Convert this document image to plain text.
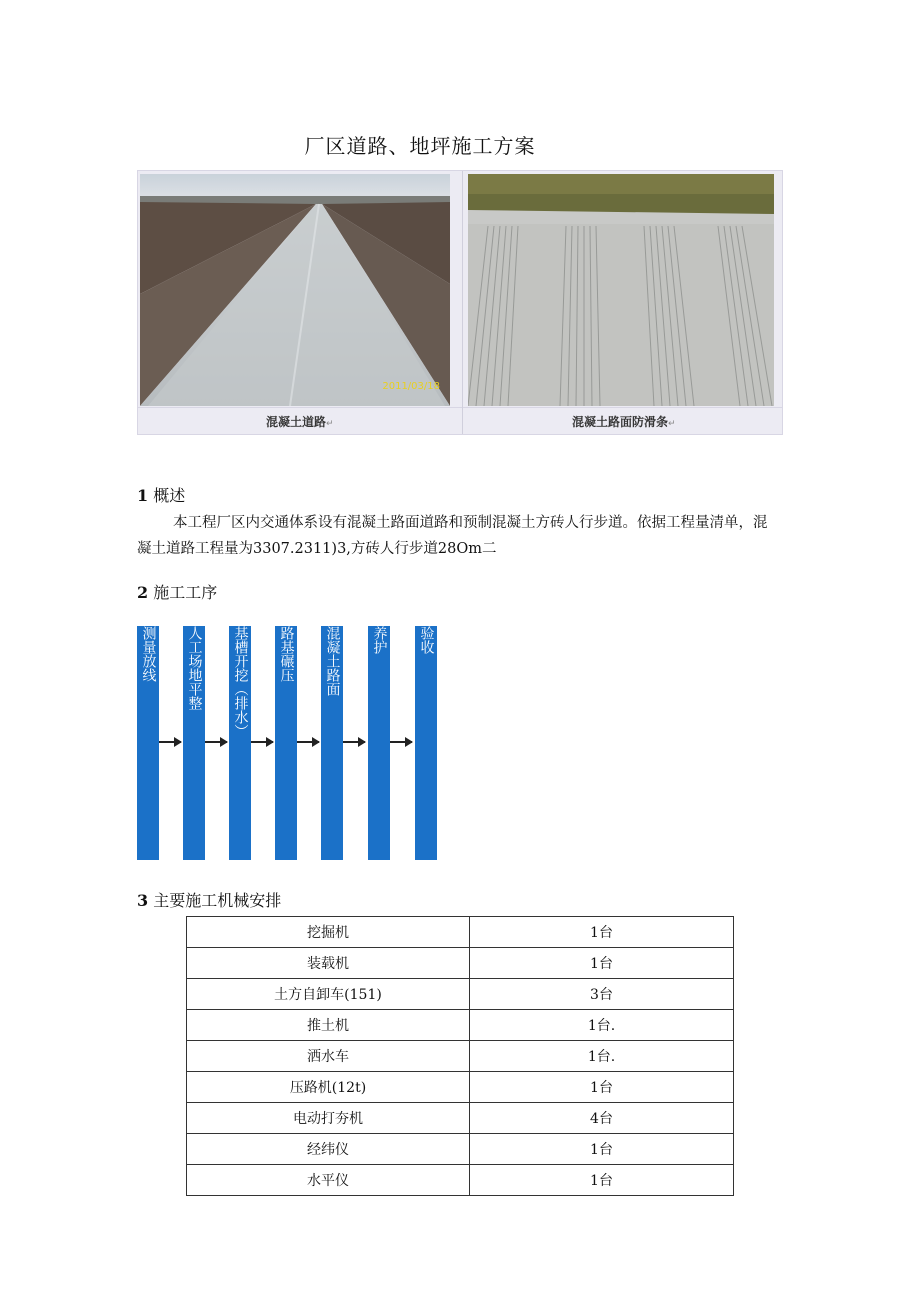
厂区道路、地坪施工方案
2011/03/18
混凝土道路↵	混凝土路面防滑条↵
1 概述
本工程厂区内交通体系设有混凝土路面道路和预制混凝土方砖人行步道。依据工程量清单，混凝土道路工程量为3307.2311)3,方砖人行步道28Om二
2 施工工序
测量放线 人工场地平整 基槽开挖（排水） 路基碾压 混凝土路面 养护 验收
3 主要施工机械安排
挖掘机	1台
装载机	1台
土方自卸车(151)	3台
推土机	1台.
洒水车	1台.
压路机(12t)	1台
电动打夯机	4台
经纬仪	1台
水平仪	1台
